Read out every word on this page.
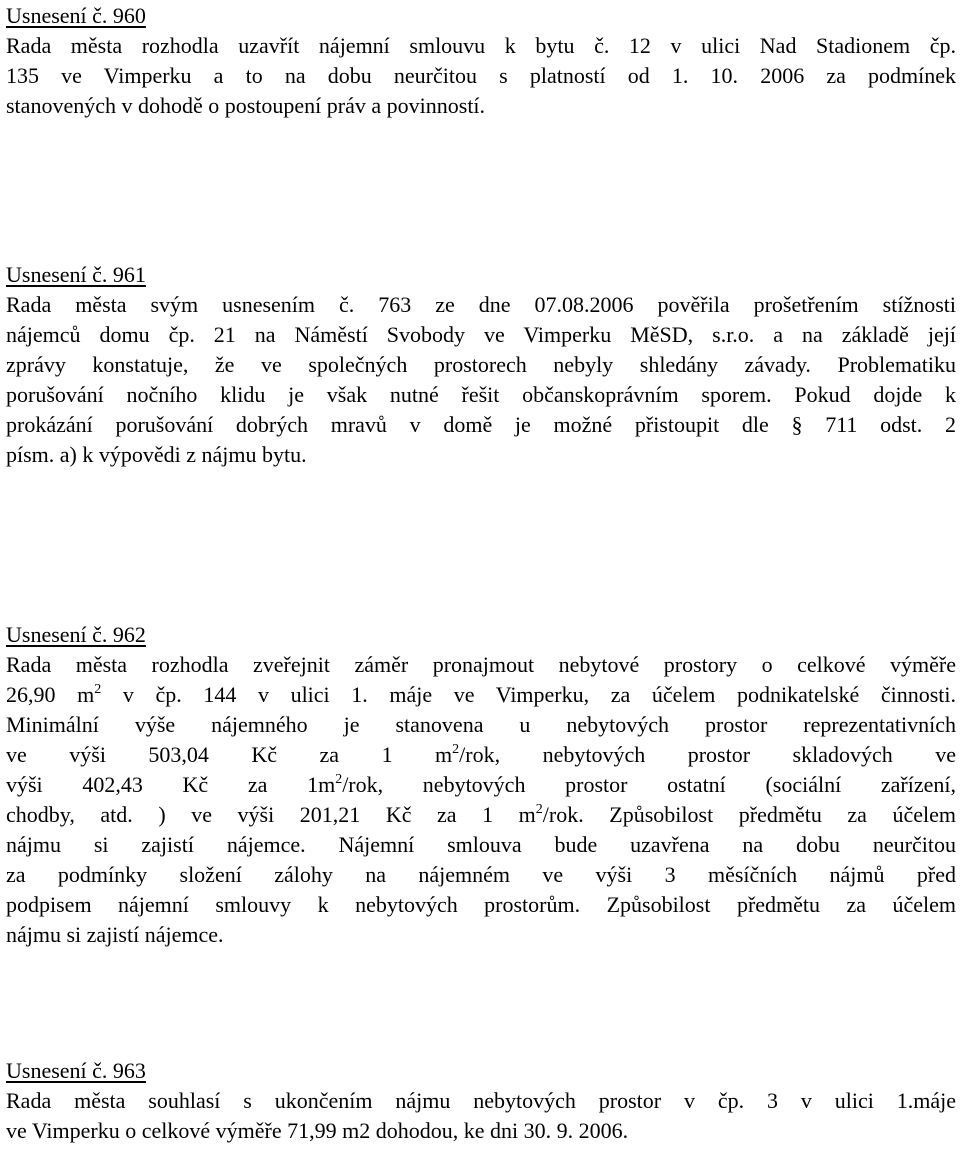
Usnesení č. 960
Rada města rozhodla uzavřít nájemní smlouvu k bytu č. 12 v ulici Nad Stadionem čp.
135 ve Vimperku a to na dobu neurčitou s platností od 1. 10. 2006 za podmínek
stanovených v dohodě o postoupení práv a povinností.
Usnesení č. 961
Rada města svým usnesením č. 763 ze dne 07.08.2006 pověřila prošetřením stížnosti
nájemců domu čp. 21 na Náměstí Svobody ve Vimperku MěSD, s.r.o. a na základě její
zprávy konstatuje, že ve společných prostorech nebyly shledány závady. Problematiku
porušování nočního klidu je však nutné řešit občanskoprávním sporem. Pokud dojde k
prokázání porušování dobrých mravů v domě je možné přistoupit dle § 711 odst. 2
písm. a) k výpovědi z nájmu bytu.
Usnesení č. 962
Rada města rozhodla zveřejnit záměr pronajmout nebytové prostory o celkové výměře
26,90 $m^2$ v čp. 144 v ulici 1. máje ve Vimperku, za účelem podnikatelské činnosti.
Minimální výše nájemného je stanovena u nebytových prostor reprezentativních
ve výši 503,04 Kč za 1 $m^2$/rok, nebytových prostor skladových ve
výši 402,43 Kč za $1m^2$/rok, nebytových prostor ostatní (sociální zařízení,
chodby, atd. ) ve výši 201,21 Kč za 1 $m^2$/rok. Způsobilost předmětu za účelem
nájmu si zajistí nájemce. Nájemní smlouva bude uzavřena na dobu neurčitou
za podmínky složení zálohy na nájemném ve výši 3 měsíčních nájmů před
podpisem nájemní smlouvy k nebytových prostorům. Způsobilost předmětu za účelem
nájmu si zajistí nájemce.
Usnesení č. 963
Rada města souhlasí s ukončením nájmu nebytových prostor v čp. 3 v ulici 1.máje
ve Vimperku o celkové výměře 71,99 m2 dohodou, ke dni 30. 9. 2006.
